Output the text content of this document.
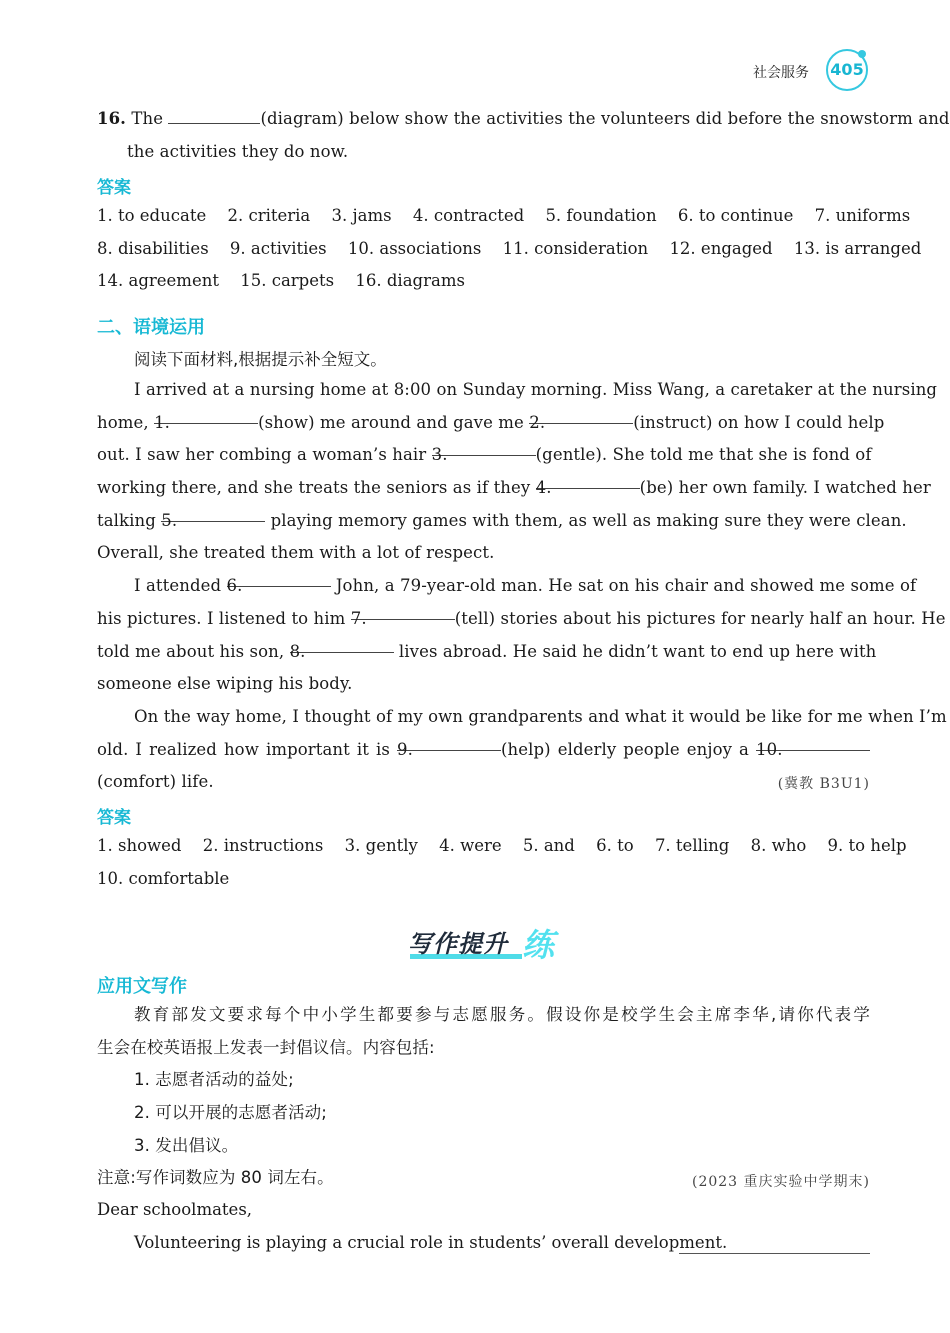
社会服务 405
16. The	(diagram) below show the activities the volunteers did before the snowstorm and
the activities they do now.
答案
1. to educate 2. criteria 3. jams 4. contracted 5. foundation 6. to continue 7. uniforms
8. disabilities 9. activities 10. associations 11. consideration 12. engaged 13. is arranged
14. agreement 15. carpets 16. diagrams
二、语境运用
阅读下面材料,根据提示补全短文。
I arrived at a nursing home at 8:00 on Sunday morning. Miss Wang, a caretaker at the nursing
home, 1.	(show) me around and gave me 2.	(instruct) on how I could help
out. I saw her combing a woman’s hair 3.	(gentle). She told me that she is fond of
working there, and she treats the seniors as if they 4.	(be) her own family. I watched her
talking 5.	playing memory games with them, as well as making sure they were clean.
Overall, she treated them with a lot of respect.
I attended 6.	John, a 79-year-old man. He sat on his chair and showed me some of
his pictures. I listened to him 7.	(tell) stories about his pictures for nearly half an hour. He
told me about his son, 8.	lives abroad. He said he didn’t want to end up here with
someone else wiping his body.
On the way home, I thought of my own grandparents and what it would be like for me when I’m
old. I realized how important it is 9.	(help) elderly people enjoy a 10.
(comfort) life.	(冀教 B3U1)
答案
1. showed 2. instructions 3. gently 4. were 5. and 6. to 7. telling 8. who 9. to help
10. comfortable
写作提升 练
应用文写作
教育部发文要求每个中小学生都要参与志愿服务。假设你是校学生会主席李华,请你代表学
生会在校英语报上发表一封倡议信。内容包括:
1. 志愿者活动的益处;
2. 可以开展的志愿者活动;
3. 发出倡议。
注意:写作词数应为 80 词左右。	(2023 重庆实验中学期末)
Dear schoolmates,
Volunteering is playing a crucial role in students’ overall development.
